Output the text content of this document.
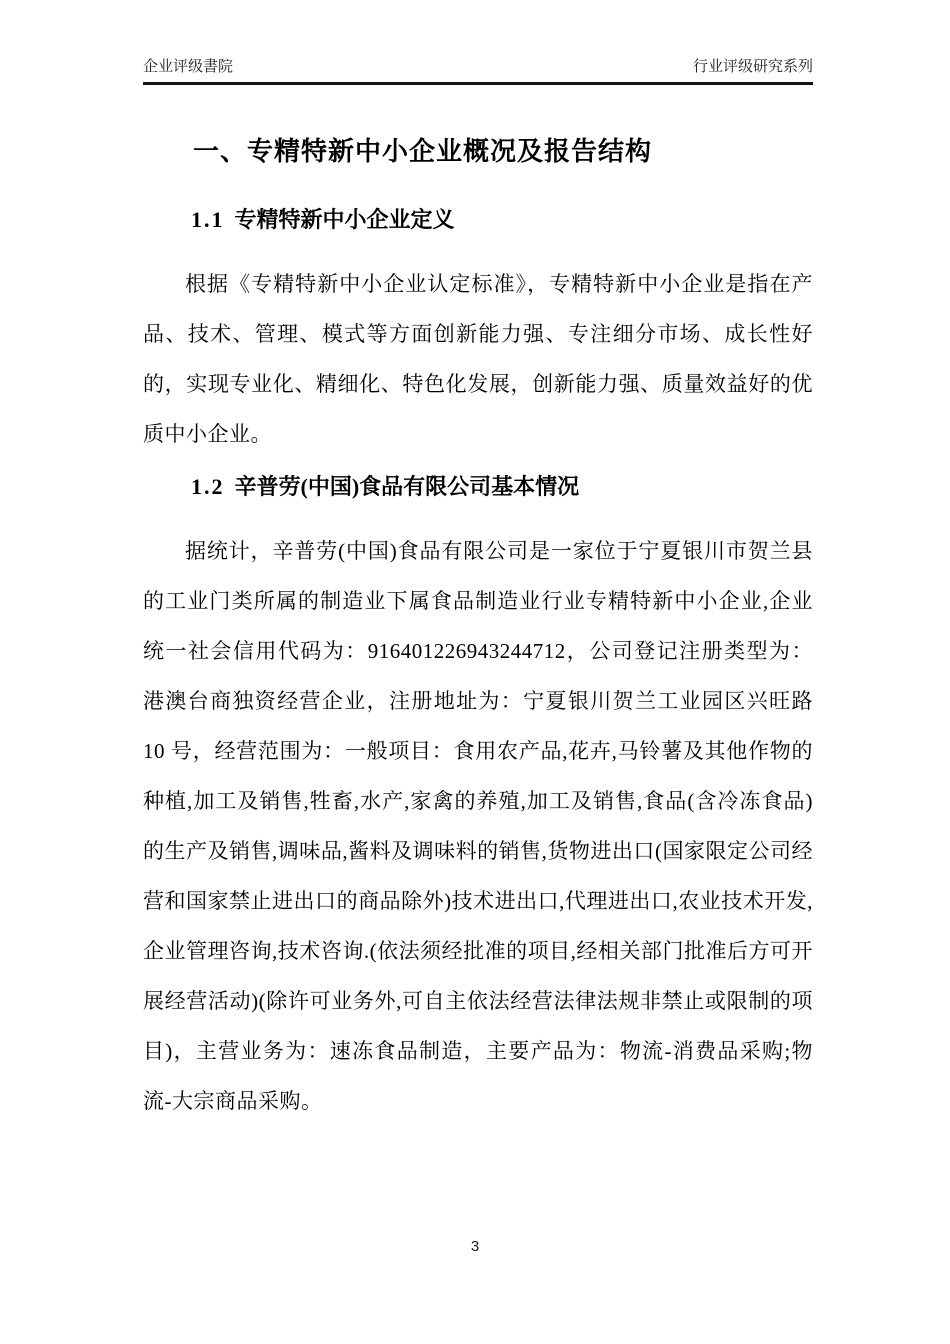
企业评级書院	行业评级研究系列
一、专精特新中小企业概况及报告结构
1.1 专精特新中小企业定义

根据《专精特新中小企业认定标准》，专精特新中小企业是指在产品、技术、管理、模式等方面创新能力强、专注细分市场、成长性好的，实现专业化、精细化、特色化发展，创新能力强、质量效益好的优质中小企业。

1.2 辛普劳(中国)食品有限公司基本情况

据统计，辛普劳(中国)食品有限公司是一家位于宁夏银川市贺兰县的工业门类所属的制造业下属食品制造业行业专精特新中小企业,企业统一社会信用代码为：916401226943244712，公司登记注册类型为：港澳台商独资经营企业，注册地址为：宁夏银川贺兰工业园区兴旺路 10 号，经营范围为：一般项目：食用农产品,花卉,马铃薯及其他作物的种植,加工及销售,牲畜,水产,家禽的养殖,加工及销售,食品(含冷冻食品)的生产及销售,调味品,酱料及调味料的销售,货物进出口(国家限定公司经营和国家禁止进出口的商品除外)技术进出口,代理进出口,农业技术开发,企业管理咨询,技术咨询.(依法须经批准的项目,经相关部门批准后方可开展经营活动)(除许可业务外,可自主依法经营法律法规非禁止或限制的项目)，主营业务为：速冻食品制造，主要产品为：物流-消费品采购;物流-大宗商品采购。

3
